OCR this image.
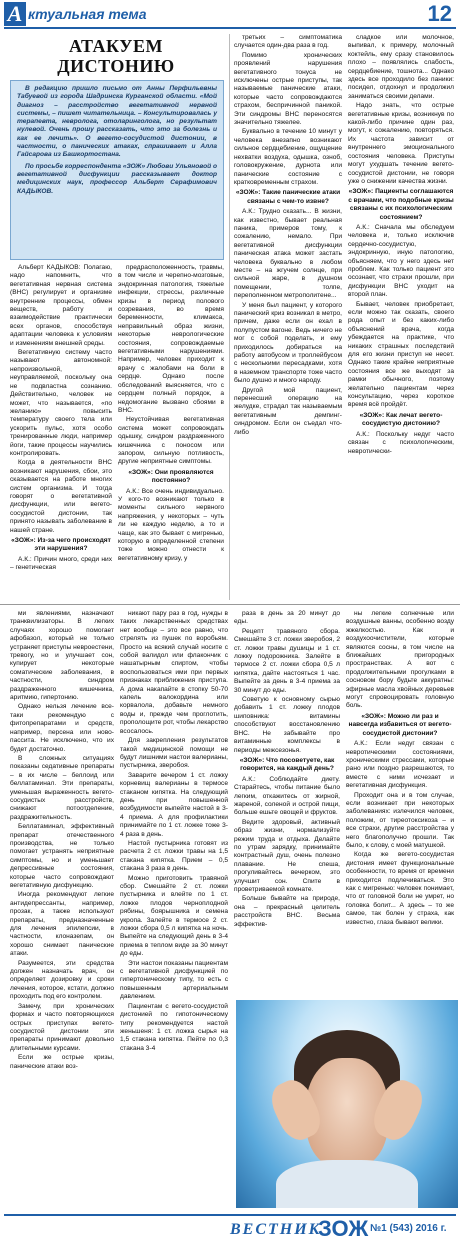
А ктуальная тема	12
АТАКУЕМ ДИСТОНИЮ

В редакцию пришло письмо от Анны Перфильевны Табуевой из города Шадринска Курганской области. «Мой диагноз – расстройство вегетативной нервной системы, – пишет читательница. – Консультировалась у терапевта, невролога, отоларинголога, но результат нулевой. Очень прошу рассказать, что это за болезнь и как ее лечить». О вегето-сосудистой дистонии, в частности, о панических атаках, спрашивает и Алла Гайсарова из Башкортостана.

По просьбе корреспондента «ЗОЖ» Любови Ульяновой о вегетативной дисфункции рассказывает доктор медицинских наук, профессор Альберт Серафимович КАДЫКОВ.

Альберт КАДЫКОВ: Полагаю, надо напомнить, что вегетативная нервная система (ВНС) регулирует и организме внутренние процессы, обмен веществ, работу и взаимодействие практически всех органов, способствуя адаптации человека к условиям и изменениям внешней среды.

Вегетативную систему часто называют автономной: непроизвольной, неуправляемой, поскольку она не подвластна сознанию. Действительно, человек не может, что называется, «по желанию» повысить температуру своего тела или ускорить пульс, хотя особо тренированные люди, например йоги, такие процессы научились контролировать.

Когда в деятельности ВНС возникают нарушения, сбои, это сказывается на работе многих систем организма. И тогда говорят о вегетативной дисфункции, или вегето-сосудистой дистонии, так принято называть заболевание в нашей стране.

«ЗОЖ»: Из-за чего происходят эти нарушения?

А.К.: Причин много, среди них – генетическая

предрасположенность, травмы, в том числе и черепно-мозговые, эндокринная патология, тяжелые инфекции, стрессы, различные кризы в период полового созревания, во время беременности, климакса, неправильный образ жизни, некоторые неврологические состояния, сопровождаемые вегетативными нарушениями. Например, человек приходит к врачу с жалобами на боли в сердце. Однако после обследований выясняется, что с сердцем полный порядок, а недомогание вызвано сбоями в ВНС.

Неустойчивая вегетативная система может сопровождать одышку, синдром раздраженного кишечника с поносом или запором, сильную потливость, другие неприятные симптомы.

«ЗОЖ»: Они проявляются постоянно?

А.К.: Все очень индивидуально. У кого-то возникают только в моменты сильного нервного напряжения, у некоторых – чуть ли не каждую неделю, а то и чаще, как это бывает с мигренью, которую в определенной степени тоже можно отнести к вегетативному кризу, у

третьих – симптоматика случается один-два раза в год.

Помимо хронических проявлений нарушения вегетативного тонуса не исключены острые приступы, так называемые панические атаки, которые часто сопровождаются страхом, беспричинной паникой. Эти синдромы ВНС переносятся значительно тяжелее.

Буквально в течение 10 минут у человека внезапно возникают сильное сердцебиение, ощущение нехватки воздуха, одышка, озноб, головокружение, дурнота или панические состояние с кратковременным страхом.

«ЗОЖ»: Такие панические атаки связаны с чем-то извне?

А.К.: Трудно сказать... В жизни, как известно, бывает реальная паника, примеров тому, к сожалению, немало. При вегетативной дисфункции паническая атака может застать человека буквально в любом месте – на жгучем солнце, при сильной жаре, в душном помещении, толпе, переполненном метрополитене...

У меня был пациент, у которого панический криз возникал в метро, причем, даже если он ехал в полупустом вагоне. Ведь ничего не мог с собой поделать, и ему приходилось добираться на работу автобусом и троллейбусом с несколькими пересадками, хотя в наземном транспорте тоже часто было душно и много народу.

Другой мой пациент, перенесший операцию на желудке, страдал так называемым вегетативным демпинг-синдромом. Если он съедал что-либо

сладкое или молочное, выпивал, к примеру, молочный коктейль, ему сразу становилось плохо – появлялись слабость, сердцебиение, тошнота... Однако здесь все проходило без паники: посидел, отдохнул и продолжил заниматься своими делами.

Надо знать, что острые вегетативные кризы, возникнув по какой-либо причине один раз, могут, к сожалению, повторяться. Их частота зависит от внутреннего эмоционального состояния человека. Приступы могут ухудшать течение вегето-сосудистой дистонии, не говоря уже о снижении качества жизни.

«ЗОЖ»: Пациенты соглашаются с врачами, что подобные кризы связаны с их психологическим состоянием?

А.К.: Сначала мы обследуем человека и, только исключив сердечно-сосудистую, эндокринную, иную патологию, объясняем, что у него здесь нет проблем. Как только пациент это осознает, что страхи прошли, при дисфункции ВНС уходит на второй план.

Бывает, человек приобретает, если можно так сказать, своего рода опыт и без каких-либо объяснений врача, когда убеждается на практике, что никаких страшных последствий для его жизни приступ не несет. Однако такие крайне неприятные состояния все же выходят за рамки обычного, поэтому желательно пациентам через консультацию, через короткое время всё пройдёт.

«ЗОЖ»: Как лечат вегето-сосудистую дистонию?

А.К.: Поскольку недуг часто связан с психологическим, невротически-

ми явлениями, назначают транквилизаторы. В легких случаях хорошо помогает афобазол, который не только устраняет приступы невроестени, тревогу, но и улучшает сон, купирует некоторые соматические заболевания, в частности, синдром раздраженного кишечника, аритмию, гипертонию.

Однако нельзя лечение все-таки рекомендую с фитопрепаратами и средств, например, персена или ново-пассита. Не исключено, что их будет достаточно.

В сложных ситуациях показаны седативные препараты – в их числе – беллоид или беллатаминал. Эти препараты, уменьшая выраженность вегето-сосудистых расстройств, снижают потоотделение, раздражительность.

Беллатаминал, эффективный препарат отечественного производства, не только помогает устранять неприятные симптомы, но и уменьшает депрессивные состояния, которые часто сопровождают вегетативную дисфункцию.

Иногда рекомендуют легкие антидепрессанты, например, прозак, а также используют препараты, предназначенные для лечения эпилепсии, в частности, клоназепам, он хорошо снимает панические атаки.

Разумеется, эти средства должен назначать врач, он определяет дозировку и сроки лечения, которое, кстати, должно проходить под его контролем.

Замечу, при хронических формах и часто повторяющихся острых приступах вегето-сосудистой дистонии эти препараты принимают довольно длительными курсами.

Если же острые кризы, панические атаки воз-

никают пару раз в год, нужды в таких лекарственных средствах нет вообще – это все равно, что стрелять из пушек по воробьям. Просто на всякий случай носите с собой валидол или флакончик с нашатырным спиртом, чтобы воспользоваться ими при первых признаках приближения приступа. А дома накапайте в стопку 50-70 капель валокордина или корвалола, добавьте немного воды и, прежде чем проглотить, прополощите рот, чтобы лекарство всосалось.

Для закрепления результатов такой медицинской помощи не будут лишними настои валерианы, пустырника, зверобоя.

Заварите вечером 1 ст. ложку корневищ валерианы в термосе стаканом кипятка. На следующий день при повышенной возбудимости выпейте настой в 3-4 приема. А для профилактики принимайте по 1 ст. ложке тоже 3-4 раза в день.

Настой пустырника готовят из расчета 2 ст. ложки травы на 1,5 стакана кипятка. Прием – 0,5 стакана 3 раза в день.

Можно приготовить травяной сбор. Смешайте 2 ст. ложки пустырника и влейте по 1 ст. ложке плодов черноплодной рябины, боярышника и семена укропа. Залейте в термосе 2 ст. ложки сбора 0,5 л кипятка на ночь. Выпейте на следующий день в 3-4 приема в теплом виде за 30 минут до еды.

Эти настои показаны пациентам с вегетативной дисфункцией по гипертоническому типу, то есть с повышенным артериальным давлением.

Пациентам с вегето-сосудистой дистонией по гипотоническому типу рекомендуется настой женьшеня: 1 ст. ложка сырья на 1,5 стакана кипятка. Пейте по 0,3 стакана 3-4

раза в день за 20 минут до еды.

Рецепт травяного сбора. Смешайте 3 ст. ложки зверобоя, 2 ст. ложки травы душицы и 1 ст. ложку подорожника. Залейте в термосе 2 ст. ложки сбора 0,5 л кипятка, дайте настояться 1 час. Выпейте за день в 3-4 приема за 30 минут до еды.

Советую к основному сырью добавить 1 ст. ложку плодов шиповника: витамины способствуют восстановлению ВНС. Не забывайте про витаминные комплексы в периоды межсезонья.

«ЗОЖ»: Что посоветуете, как говорится, на каждый день?

А.К.: Соблюдайте диету. Старайтесь, чтобы питание было легким, откажитесь от жирной, жареной, соленой и острой пищи, больше ешьте овощей и фруктов.

Ведите здоровый, активный образ жизни, нормализуйте режим труда и отдыха. Делайте по утрам зарядку, принимайте контрастный душ, очень полезно плавание. Не спеша, прогуливайтесь вечерком, это улучшит сон. Спите в проветриваемой комнате.

Больше бывайте на природе, она – прекрасный целитель расстройств ВНС. Весьма эффектив-

ны легкие солнечные или воздушные ванны, особенно возду жжелкостью. Как и воздухоочистители, которые являются сосны, в том числе на ближайших пригородных пространствах. А вот с продолжительными прогулками в сосновом бору будьте аккуратны: эфирные масла хвойных деревьев могут спровоцировать головную боль.

«ЗОЖ»: Можно ли раз и навсегда избавиться от вегето-сосудистой дистонии?

А.К.: Если недуг связан с невротическими состояниями, хроническими стрессами, которые рано или поздно разрешаются, то вместе с ними исчезает и вегетативная дисфункция.

Проходит она и в том случае, если возникает при некоторых заболеваниях: излечился человек, положим, от тиреотоксикоза – и все страхи, другие расстройства у него благополучно прошли. Так было, к слову, с моей матушкой.

Когда же вегето-сосудистая дистония имеет функциональные особенности, то время от времени приходится подлечиваться. Это как с мигренью: человек понимает, что от головной боли не умрет, но головка болит... А здесь – то же самое, так болен у страха, как известно, глаза бывают велики.

ВЕСТНИК
ЗОЖ №1 (543) 2016 г.
